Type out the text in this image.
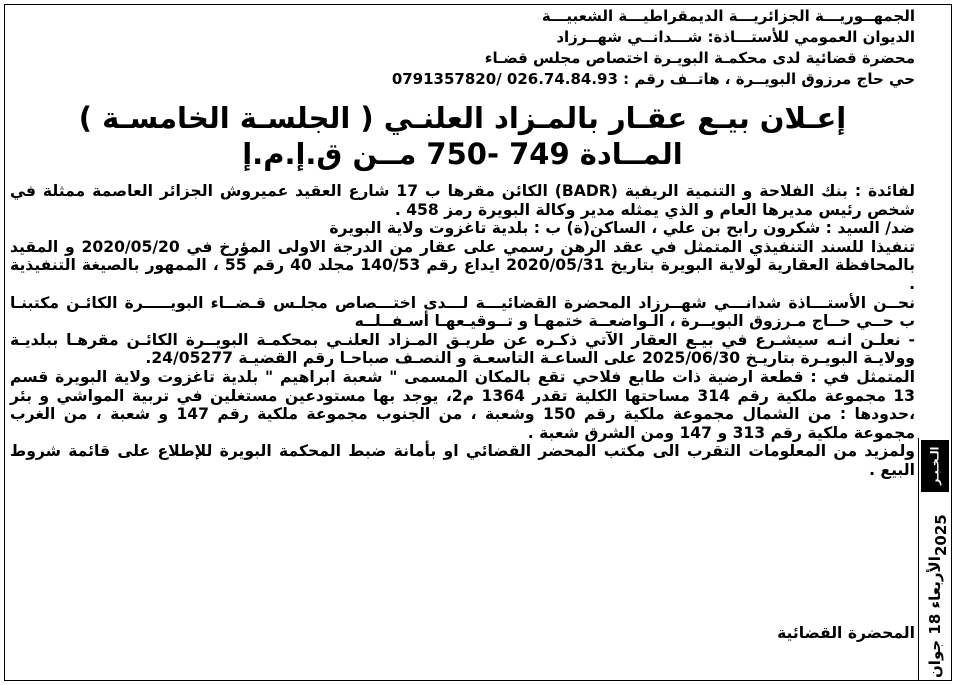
الجمهــوريـــة الجزائريـــة الديمقراطيـــة الشعبيـــة
الديوان العمومي للأستـــاذة: شـــدانــي شهــرزاد
محضرة قضائية لدى محكمـة البويـرة اختصاص مجلس قضـاء
حي حاج مرزوق البويــرة ، هاتــف رقم : 026.74.84.93 /0791357820
إعـلان بيـع عقـار بالمـزاد العلنـي ( الجلسـة الخامسـة )
المــادة 749 -750 مــن ق.إ.م.إ

لفائدة : بنك الفلاحة و التنمية الريفية (BADR) الكائن مقرها ب 17 شارع العقيد عميروش الجزائر العاصمة ممثلة في شخص رئيس مديرها العام و الذي يمثله مدير وكالة البويرة رمز 458 .

ضد/ السيد : شكرون رابح بن علي ، الساكن(ة) ب : بلدية تاغزوت ولاية البويرة

تنفيذا للسند التنفيذي المتمثل في عقد الرهن رسمي على عقار من الدرجة الاولى المؤرخ في 2020/05/20 و المقيد بالمحافظة العقارية لولاية البويرة بتاريخ 2020/05/31 ايداع رقم 140/53 مجلد 40 رقم 55 ، الممهور بالصيغة التنفيذية .

نحــن الأستـــاذة شدانـــي شهــرزاد المحضرة القضائيـــة لـــدى اختـــصاص مجلـس قـضــاء البويـــــرة الكائـن مكتبنـا ب حــي حــاج مـرزوق البويــرة ، الـواضعــة ختمهـا و تــوقيـعهـا أسـفــلــه

- نعلـن انـه سيشـرع في بيـع العقار الآتي ذكـره عن طريـق المـزاد العلنـي بمحكمـة البويــرة الكائـن مقرهـا ببلديـة وولايـة البويـرة بتاريـخ 2025/06/30 على الساعـة التاسعـة و النصـف صباحـا رقم القضيـة 24/05277.

المتمثل في : قطعة ارضية ذات طابع فلاحي تقع بالمكان المسمى " شعبة ابراهيم " بلدية تاغزوت ولاية البويرة قسم 13 مجموعة ملكية رقم 314 مساحتها الكلية تقدر 1364 م2، يوجد بها مستودعين مستغلين في تربية المواشي و بئر ،حدودها : من الشمال مجموعة ملكية رقم 150 وشعبة ، من الجنوب مجموعة ملكية رقم 147 و شعبة ، من الغرب مجموعة ملكية رقم 313 و 147 ومن الشرق شعبة .

ولمزيد من المعلومات التقرب الى مكتب المحضر القضائي او بأمانة ضبط المحكمة البويرة للإطلاع على قائمة شروط البيع .

المحضرة القضائية
الـخـبـر
الأربعاء 18 جوان
2025
